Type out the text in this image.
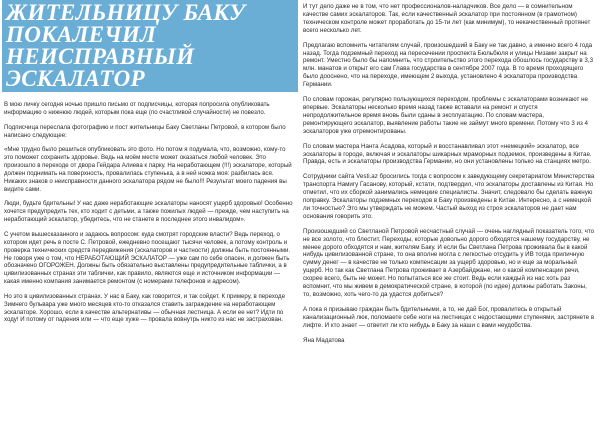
ЖИТЕЛЬНИЦУ БАКУ ПОКАЛЕЧИЛ НЕИСПРАВНЫЙ ЭСКАЛАТОР

В мою личку сегодня ночью пришло письмо от подписчицы, которая попросила опубликовать информацию о нижнюю людей, которым пока еще (по счастливой случайности) не повезло.

Подписчица переслала фотографию и пост жительницы Баку Светланы Петровой, в котором было написано следующее:

«Мне трудно было решиться опубликовать это фото. Но потом я подумала, что, возможно, кому-то это поможет сохранить здоровье. Ведь на моём месте может оказаться любой человек. Это произошло в переходе от двора Гейдара Алиева к парку. На неработающем (!!!) эскалаторе, который должен поднимать на поверхность, провалилась ступенька, а в ней ножка моя: разбилась вся. Никаких знаков о неисправности данного эскалатора рядом не было!!! Результат моего падения вы видите сами.

Люди, будьте бдительны! У нас даже неработающие эскалаторы наносят ущерб здоровью! Особенно хочется предупредить тех, кто ходит с детьми, а также пожилых людей — прежде, чем наступить на неработающий эскалатор, убедитесь, что не станете в последнее этого инвалидом».

С учетом вышесказанного и задаюсь вопросом: куда смотрят городские власти? Ведь переход, о котором идет речь в посте С. Петровой, ежедневно посещают тысячи человек, а потому контроль и проверка технических средств передвижения (эскалаторов и частности) должны быть постоянными. Не говоря уже о том, что НЕРАБОТАЮЩИЙ ЭСКАЛАТОР — уже сам по себе опасен, и должен быть обозначено ОГОРОЖЕН. Должны быть обязательно выставлены предупредительные таблички, а в цивилизованных странах эти таблички, как правило, являются еще и источником информации — какая именно компания занимается ремонтом (с номерами телефонов и адресом).

Но это в цивилизованных странах. У нас в Баку, как говорится, и так сойдет. К примеру, в переходе Зимнего бульвара уже много месяцев кто-то отказался ставить заграждение на неработающем эскалаторе. Хорошо, если в качестве альтернативы — обычная лестница. А если ее нет? Идти по ходу! И потому от падения или — что еще хуже — провала вовнутрь никто из нас не застрахован.

И тут дело даже не в том, что нет профессионалов-наладчиков. Все дело — в сомнительном качестве самих эскалаторов. Так, если качественный эскалатор при постоянном (в грамотном) техническом контроле может проработать до 15-ти лет (как минимум), то некачественный протянет всего несколько лет.

Предлагаю вспомнить читателям случай, произошедший в Баку не так давно, а именно всего 4 года назад. Тогда подземный переход на пересечении проспекта Бюльбюля и улицы Низами закрыт на ремонт. Уместно было бы напомнить, что строительство этого перехода обошлось государству в 3,3 млн. манатов и открыт его сам Глава государства в сентябре 2007 года. В то время проходящего было дооснено, что на переходе, имеющем 2 выхода, установлено 4 эскалатора производства Германии.

По словам горожан, регулярно пользующихся переходом, проблемы с эскалаторами возникают не впервые. Эскалаторы несколько время назад также вставали на ремонт и спустя непродолжительное время вновь были сданы в эксплуатацию. По словам мастера, ремонтирующего эскалатор, выявление работы такие не займут много времени. Потому что 3 из 4 эскалаторов уже отремонтированы.

По словам мастера Нанта Асадова, который и восстанавливал этот «немецкий» эскалатор, все эскалаторы в городе, включая и эскалаторы шикарных мраморных подземок, произведены в Китае. Правда, есть и эскалаторы производства Германии, но они установлены только на станциях метро.

Сотрудники сайта Vesti.az бросились тогда с вопросом к заведующему секретариатом Министерства транспорта Намигу Гасанову, который, кстати, подтвердил, что эскалаторы доставлены из Китая. Но отметил, что их сборкой занимались немецкие специалисты. Значит, следовало бы сделать важную поправку. Эскалаторы подземных переходов в Баку произведены в Китае. Интересно, а с немецкой ли точностью? Это мы утверждать не можем. Частый выход из строя эскалаторов не дает нам основания говорить это.

Произошедший со Светланой Петровой несчастный случай — очень наглядный показатель того, что не все золото, что блестит. Переходы, которые довольно дорого обходятся нашему государству, не менее дорого обходятся и нам, жителям Баку. И если бы Светлана Петрова проживала бы в какой нибудь цивилизованной стране, то она вполне могла с легкостью отсудить у ИВ тогда приличную сумму денег — в качестве не только компенсации за ущерб здоровью, но и еще за моральный ущерб. Но так как Светлана Петрова проживает в Азербайджане, ни о какой компенсации речи, скорее всего, быть не может. Но попытаться все же стоит. Ведь если каждый из нас хоть раз вспомнит, что мы живем в демократической стране, в которой (по идее) должны работать Законы, то, возможно, хоть чего-то да удастся добиться?

А пока я призываю граждан быть бдительными, а то, не дай Бог, провалитесь в открытый канализационный люк, поломаете себе ноги на лестницах с недостающими ступенями, застрянете в лифте. И кто знает — ответит ли кто нибудь в Баку за наши с вами неудобства.

Яна Мадатова
